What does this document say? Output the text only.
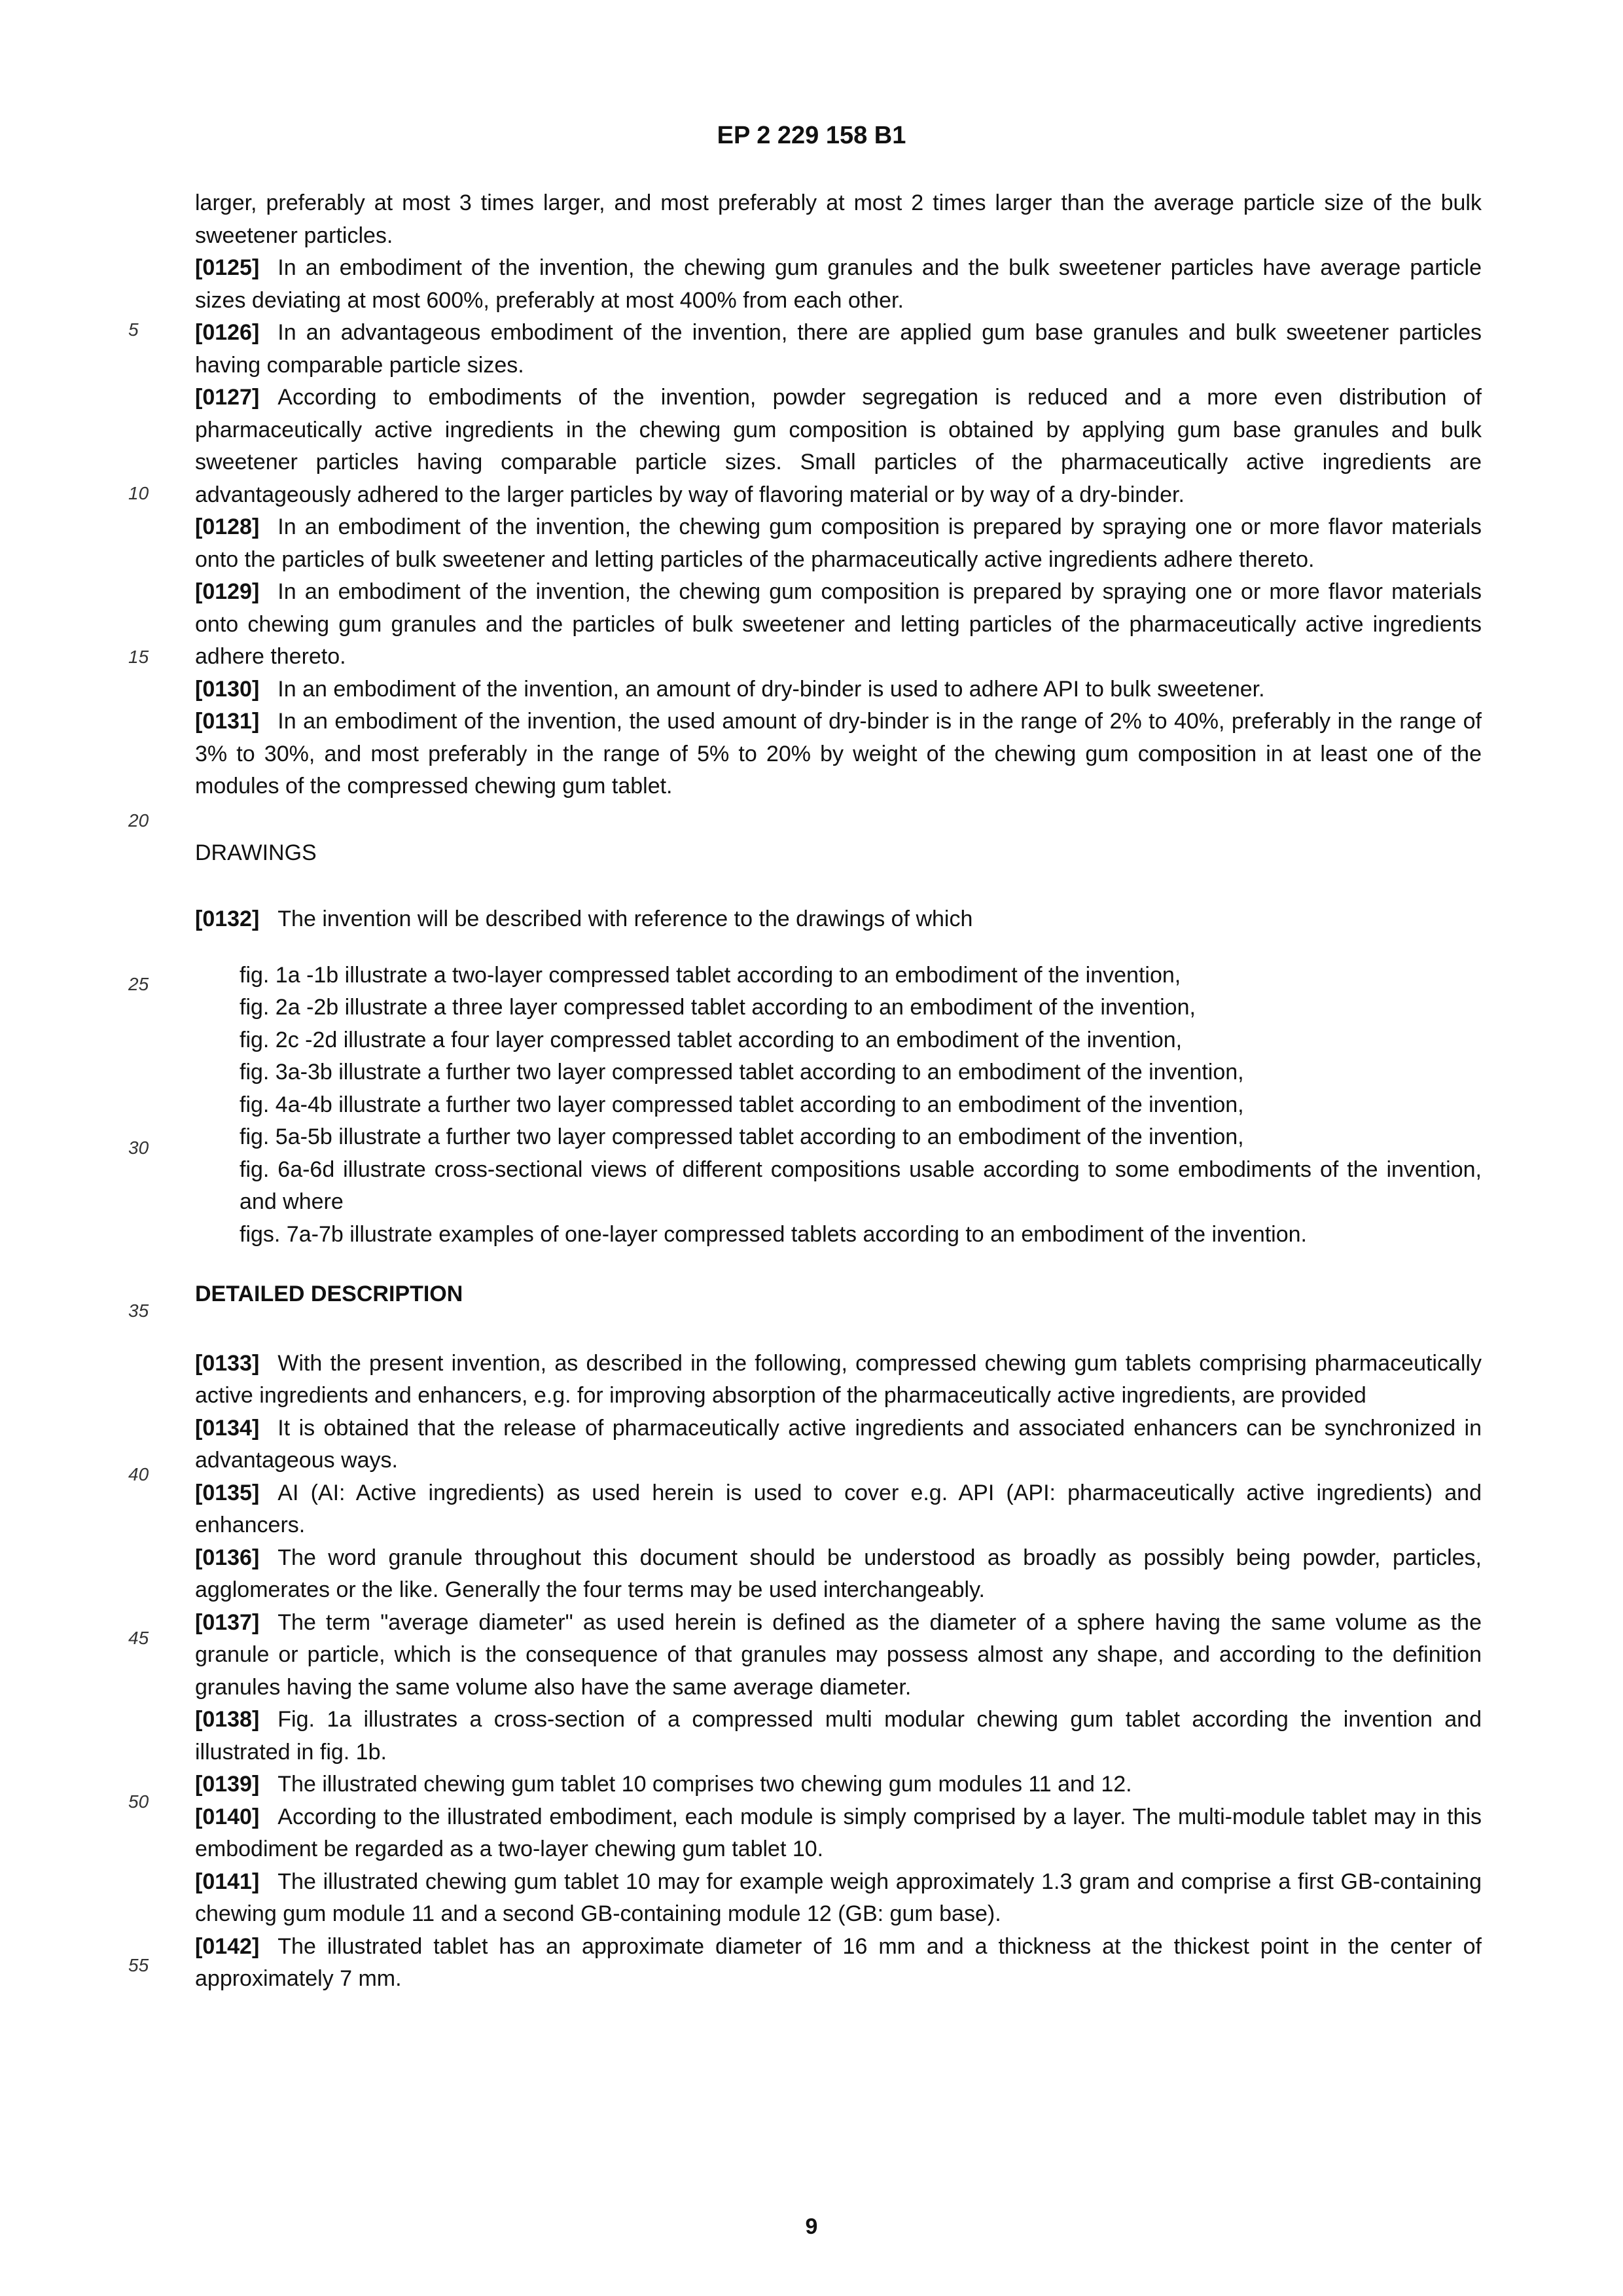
EP 2 229 158 B1
5
10
15
20
25
30
35
40
45
50
55

larger, preferably at most 3 times larger, and most preferably at most 2 times larger than the average particle size of the bulk sweetener particles.

[0125] In an embodiment of the invention, the chewing gum granules and the bulk sweetener particles have average particle sizes deviating at most 600%, preferably at most 400% from each other.

[0126] In an advantageous embodiment of the invention, there are applied gum base granules and bulk sweetener particles having comparable particle sizes.

[0127] According to embodiments of the invention, powder segregation is reduced and a more even distribution of pharmaceutically active ingredients in the chewing gum composition is obtained by applying gum base granules and bulk sweetener particles having comparable particle sizes. Small particles of the pharmaceutically active ingredients are advantageously adhered to the larger particles by way of flavoring material or by way of a dry-binder.

[0128] In an embodiment of the invention, the chewing gum composition is prepared by spraying one or more flavor materials onto the particles of bulk sweetener and letting particles of the pharmaceutically active ingredients adhere thereto.

[0129] In an embodiment of the invention, the chewing gum composition is prepared by spraying one or more flavor materials onto chewing gum granules and the particles of bulk sweetener and letting particles of the pharmaceutically active ingredients adhere thereto.

[0130] In an embodiment of the invention, an amount of dry-binder is used to adhere API to bulk sweetener.

[0131] In an embodiment of the invention, the used amount of dry-binder is in the range of 2% to 40%, preferably in the range of 3% to 30%, and most preferably in the range of 5% to 20% by weight of the chewing gum composition in at least one of the modules of the compressed chewing gum tablet.

DRAWINGS

[0132] The invention will be described with reference to the drawings of which

fig. 1a -1b illustrate a two-layer compressed tablet according to an embodiment of the invention,

fig. 2a -2b illustrate a three layer compressed tablet according to an embodiment of the invention,

fig. 2c -2d illustrate a four layer compressed tablet according to an embodiment of the invention,

fig. 3a-3b illustrate a further two layer compressed tablet according to an embodiment of the invention,

fig. 4a-4b illustrate a further two layer compressed tablet according to an embodiment of the invention,

fig. 5a-5b illustrate a further two layer compressed tablet according to an embodiment of the invention,

fig. 6a-6d illustrate cross-sectional views of different compositions usable according to some embodiments of the invention, and where

figs. 7a-7b illustrate examples of one-layer compressed tablets according to an embodiment of the invention.

DETAILED DESCRIPTION

[0133] With the present invention, as described in the following, compressed chewing gum tablets comprising pharmaceutically active ingredients and enhancers, e.g. for improving absorption of the pharmaceutically active ingredients, are provided

[0134] It is obtained that the release of pharmaceutically active ingredients and associated enhancers can be synchronized in advantageous ways.

[0135] AI (AI: Active ingredients) as used herein is used to cover e.g. API (API: pharmaceutically active ingredients) and enhancers.

[0136] The word granule throughout this document should be understood as broadly as possibly being powder, particles, agglomerates or the like. Generally the four terms may be used interchangeably.

[0137] The term "average diameter" as used herein is defined as the diameter of a sphere having the same volume as the granule or particle, which is the consequence of that granules may possess almost any shape, and according to the definition granules having the same volume also have the same average diameter.

[0138] Fig. 1a illustrates a cross-section of a compressed multi modular chewing gum tablet according the invention and illustrated in fig. 1b.

[0139] The illustrated chewing gum tablet 10 comprises two chewing gum modules 11 and 12.

[0140] According to the illustrated embodiment, each module is simply comprised by a layer. The multi-module tablet may in this embodiment be regarded as a two-layer chewing gum tablet 10.

[0141] The illustrated chewing gum tablet 10 may for example weigh approximately 1.3 gram and comprise a first GB-containing chewing gum module 11 and a second GB-containing module 12 (GB: gum base).

[0142] The illustrated tablet has an approximate diameter of 16 mm and a thickness at the thickest point in the center of approximately 7 mm.

9
